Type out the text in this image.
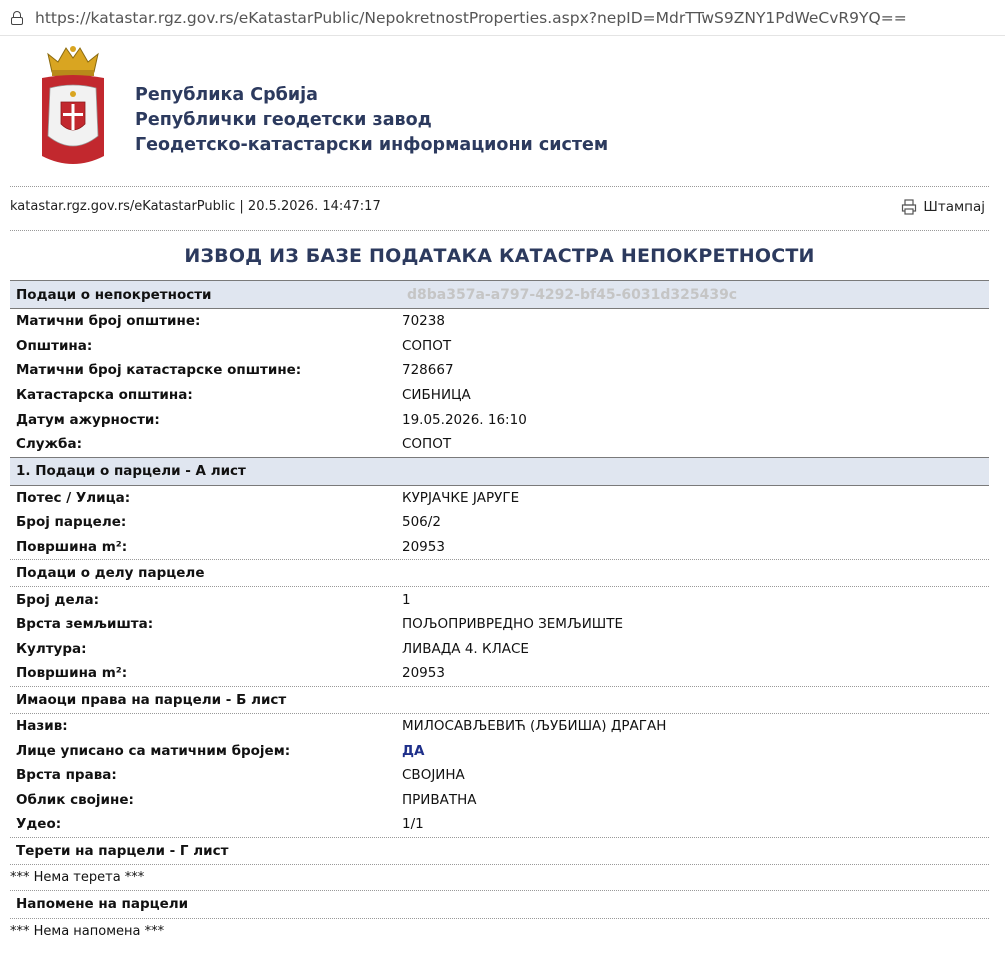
https://katastar.rgz.gov.rs/eKatastarPublic/NepokretnostProperties.aspx?nepID=MdrTTwS9ZNY1PdWeCvR9YQ==
Република Србија
Републички геодетски завод
Геодетско-катастарски информациони систем
katastar.rgz.gov.rs/eKatastarPublic | 20.5.2026. 14:47:17	Штампај
ИЗВОД ИЗ БАЗЕ ПОДАТАКА КАТАСТРА НЕПОКРЕТНОСТИ
Подаци о непокретности	d8ba357a-a797-4292-bf45-6031d325439c
Матични број општине:	70238
Општина:	СОПОТ
Матични број катастарске општине:	728667
Катастарска општина:	СИБНИЦА
Датум ажурности:	19.05.2026. 16:10
Служба:	СОПОТ
1. Подаци о парцели - А лист
Потес / Улица:	КУРЈАЧКЕ ЈАРУГЕ
Број парцеле:	506/2
Површина m²:	20953
Подаци о делу парцеле
Број дела:	1
Врста земљишта:	ПОЉОПРИВРЕДНО ЗЕМЉИШТЕ
Култура:	ЛИВАДА 4. КЛАСЕ
Површина m²:	20953
Имаоци права на парцели - Б лист
Назив:	МИЛОСАВЉЕВИЋ (ЉУБИША) ДРАГАН
Лице уписано са матичним бројем:	ДА
Врста права:	СВОЈИНА
Облик својине:	ПРИВАТНА
Удео:	1/1
Терети на парцели - Г лист
*** Нема терета ***
Напомене на парцели
*** Нема напомена ***
